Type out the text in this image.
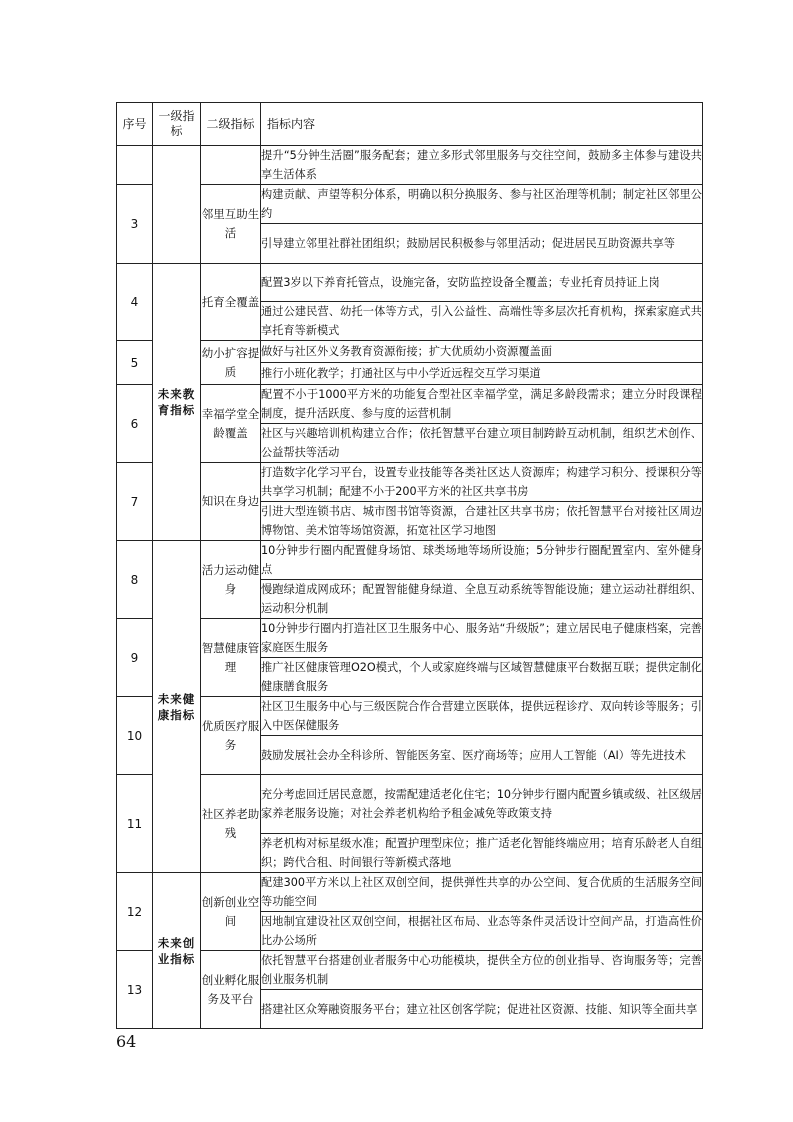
序号	一级指标	二级指标	指标内容
			提升“5分钟生活圈”服务配套；建立多形式邻里服务与交往空间，鼓励多主体参与建设共享生活体系
3		邻里互助生活	构建贡献、声望等积分体系，明确以积分换服务、参与社区治理等机制；制定社区邻里公约
			引导建立邻里社群社团组织；鼓励居民积极参与邻里活动；促进居民互助资源共享等
4	未来教育指标	托育全覆盖	配置3岁以下养育托管点，设施完备，安防监控设备全覆盖；专业托育员持证上岗
			通过公建民营、幼托一体等方式，引入公益性、高端性等多层次托育机构，探索家庭式共享托育等新模式
5		幼小扩容提质	做好与社区外义务教育资源衔接；扩大优质幼小资源覆盖面
			推行小班化教学；打通社区与中小学近远程交互学习渠道
6		幸福学堂全龄覆盖	配置不小于1000平方米的功能复合型社区幸福学堂，满足多龄段需求；建立分时段课程制度，提升活跃度、参与度的运营机制
			社区与兴趣培训机构建立合作；依托智慧平台建立项目制跨龄互动机制，组织艺术创作、公益帮扶等活动
7		知识在身边	打造数字化学习平台，设置专业技能等各类社区达人资源库；构建学习积分、授课积分等共享学习机制；配建不小于200平方米的社区共享书房
			引进大型连锁书店、城市图书馆等资源，合建社区共享书房；依托智慧平台对接社区周边博物馆、美术馆等场馆资源，拓宽社区学习地图
8	未来健康指标	活力运动健身	10分钟步行圈内配置健身场馆、球类场地等场所设施；5分钟步行圈配置室内、室外健身点
			慢跑绿道成网成环；配置智能健身绿道、全息互动系统等智能设施；建立运动社群组织、运动积分机制
9		智慧健康管理	10分钟步行圈内打造社区卫生服务中心、服务站“升级版”；建立居民电子健康档案，完善家庭医生服务
			推广社区健康管理O2O模式，个人或家庭终端与区域智慧健康平台数据互联；提供定制化健康膳食服务
10		优质医疗服务	社区卫生服务中心与三级医院合作合营建立医联体，提供远程诊疗、双向转诊等服务；引入中医保健服务
			鼓励发展社会办全科诊所、智能医务室、医疗商场等；应用人工智能（AI）等先进技术
11		社区养老助残	充分考虑回迁居民意愿，按需配建适老化住宅；10分钟步行圈内配置乡镇或级、社区级居家养老服务设施；对社会养老机构给予租金减免等政策支持
			养老机构对标星级水准；配置护理型床位；推广适老化智能终端应用；培育乐龄老人自组织；跨代合租、时间银行等新模式落地
12	未来创业指标	创新创业空间	配建300平方米以上社区双创空间，提供弹性共享的办公空间、复合优质的生活服务空间等功能空间
			因地制宜建设社区双创空间，根据社区布局、业态等条件灵活设计空间产品，打造高性价比办公场所
13		创业孵化服务及平台	依托智慧平台搭建创业者服务中心功能模块，提供全方位的创业指导、咨询服务等；完善创业服务机制
			搭建社区众筹融资服务平台；建立社区创客学院；促进社区资源、技能、知识等全面共享
64
